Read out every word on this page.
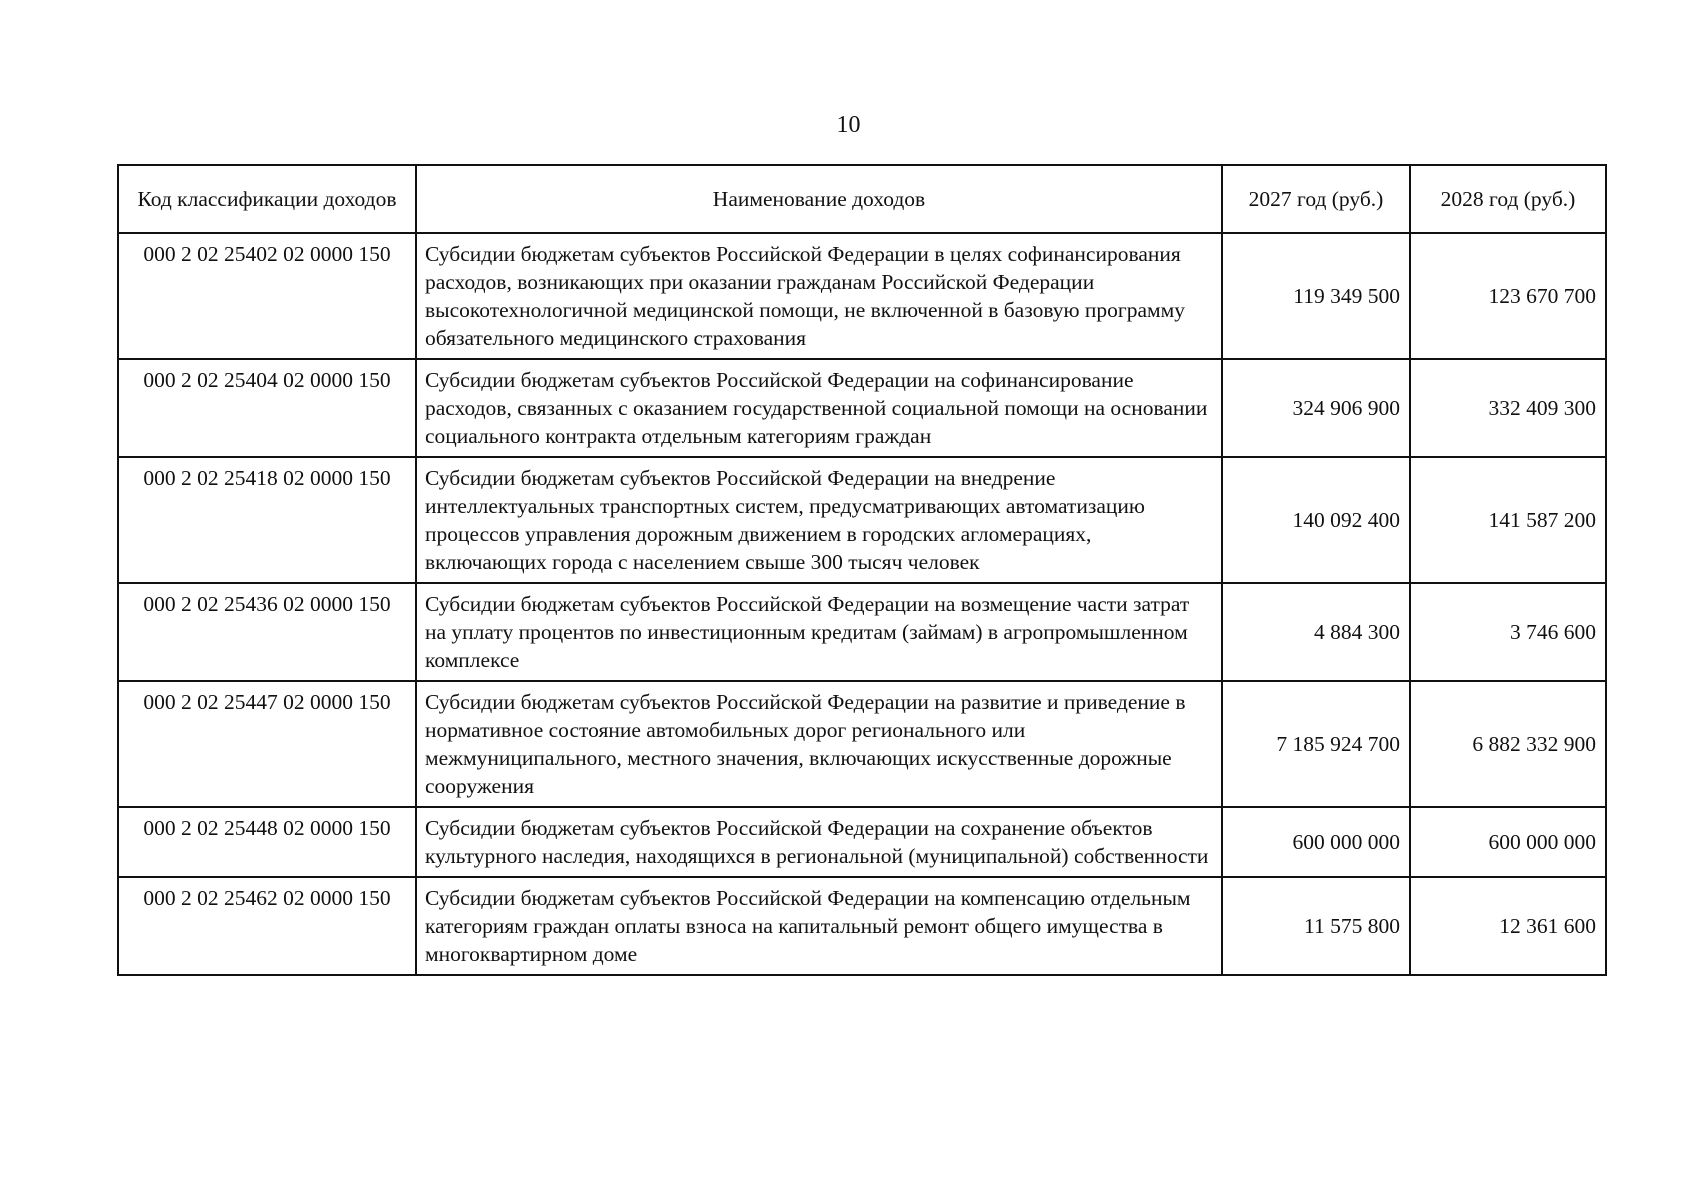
10
Код классификации доходов	Наименование доходов	2027 год (руб.)	2028 год (руб.)
000 2 02 25402 02 0000 150	Субсидии бюджетам субъектов Российской Федерации в целях софинансирования расходов, возникающих при оказании гражданам Российской Федерации высокотехнологичной медицинской помощи, не включенной в базовую программу обязательного медицинского страхования	119 349 500	123 670 700
000 2 02 25404 02 0000 150	Субсидии бюджетам субъектов Российской Федерации на софинансирование расходов, связанных с оказанием государственной социальной помощи на основании социального контракта отдельным категориям граждан	324 906 900	332 409 300
000 2 02 25418 02 0000 150	Субсидии бюджетам субъектов Российской Федерации на внедрение интеллектуальных транспортных систем, предусматривающих автоматизацию процессов управления дорожным движением в городских агломерациях, включающих города с населением свыше 300 тысяч человек	140 092 400	141 587 200
000 2 02 25436 02 0000 150	Субсидии бюджетам субъектов Российской Федерации на возмещение части затрат на уплату процентов по инвестиционным кредитам (займам) в агропромышленном комплексе	4 884 300	3 746 600
000 2 02 25447 02 0000 150	Субсидии бюджетам субъектов Российской Федерации на развитие и приведение в нормативное состояние автомобильных дорог регионального или межмуниципального, местного значения, включающих искусственные дорожные сооружения	7 185 924 700	6 882 332 900
000 2 02 25448 02 0000 150	Субсидии бюджетам субъектов Российской Федерации на сохранение объектов культурного наследия, находящихся в региональной (муниципальной) собственности	600 000 000	600 000 000
000 2 02 25462 02 0000 150	Субсидии бюджетам субъектов Российской Федерации на компенсацию отдельным категориям граждан оплаты взноса на капитальный ремонт общего имущества в многоквартирном доме	11 575 800	12 361 600
